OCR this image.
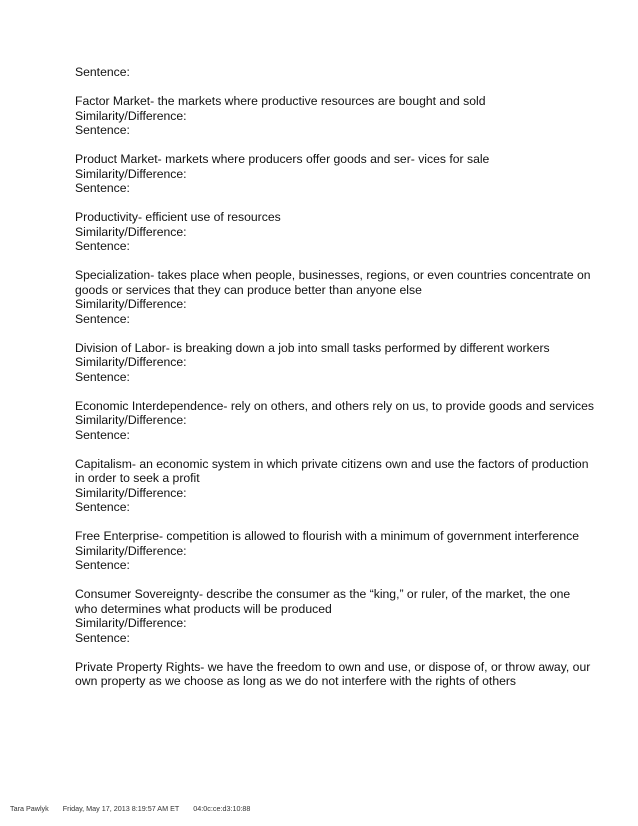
Sentence:
Factor Market- the markets where productive resources are bought and sold
Similarity/Difference:
Sentence:
Product Market- markets where producers offer goods and ser- vices for sale
Similarity/Difference:
Sentence:
Productivity- efficient use of resources
Similarity/Difference:
Sentence:
Specialization- takes place when people, businesses, regions, or even countries concentrate on goods or services that they can produce better than anyone else
Similarity/Difference:
Sentence:
Division of Labor- is breaking down a job into small tasks performed by different workers
Similarity/Difference:
Sentence:
Economic Interdependence- rely on others, and others rely on us, to provide goods and services
Similarity/Difference:
Sentence:
Capitalism- an economic system in which private citizens own and use the factors of production in order to seek a profit
Similarity/Difference:
Sentence:
Free Enterprise- competition is allowed to flourish with a minimum of government interference
Similarity/Difference:
Sentence:
Consumer Sovereignty- describe the consumer as the “king,” or ruler, of the market, the one who determines what products will be produced
Similarity/Difference:
Sentence:
Private Property Rights- we have the freedom to own and use, or dispose of, or throw away, our own property as we choose as long as we do not interfere with the rights of others
Tara Pawlyk Friday, May 17, 2013 8:19:57 AM ET 04:0c:ce:d3:10:88
